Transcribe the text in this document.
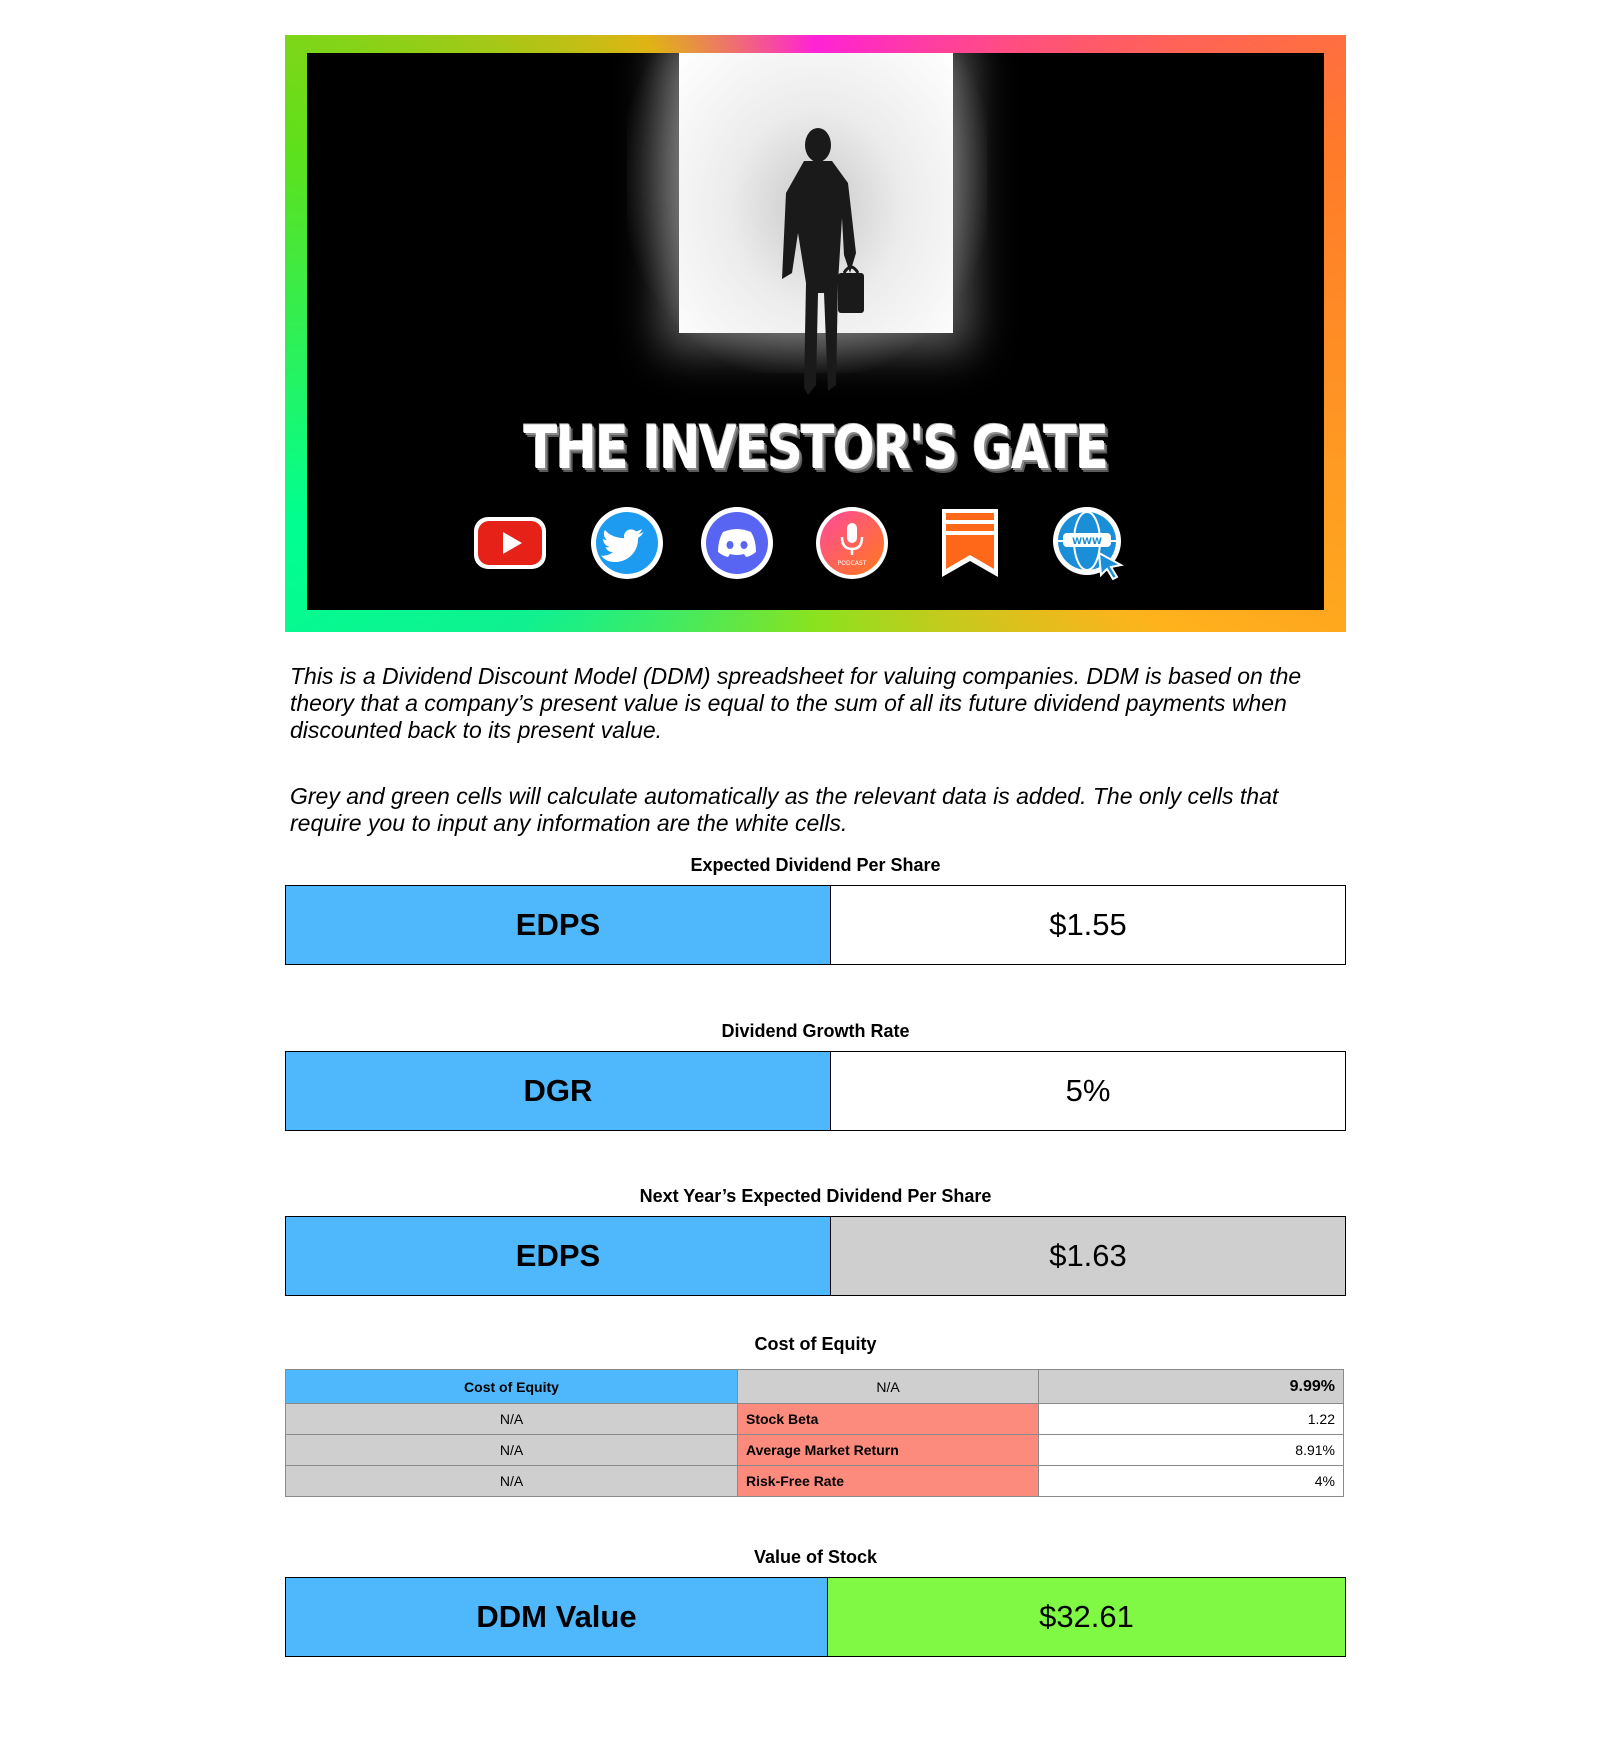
THE INVESTOR'S GATE
PODCAST
WWW

This is a Dividend Discount Model (DDM) spreadsheet for valuing companies. DDM is based on the theory that a company’s present value is equal to the sum of all its future dividend payments when discounted back to its present value.

Grey and green cells will calculate automatically as the relevant data is added. The only cells that require you to input any information are the white cells.

Expected Dividend Per Share
EDPS	$1.55
Dividend Growth Rate
DGR	5%
Next Year’s Expected Dividend Per Share
EDPS	$1.63
Cost of Equity
Cost of Equity	N/A	9.99%
N/A	Stock Beta	1.22
N/A	Average Market Return	8.91%
N/A	Risk-Free Rate	4%
Value of Stock
DDM Value	$32.61
